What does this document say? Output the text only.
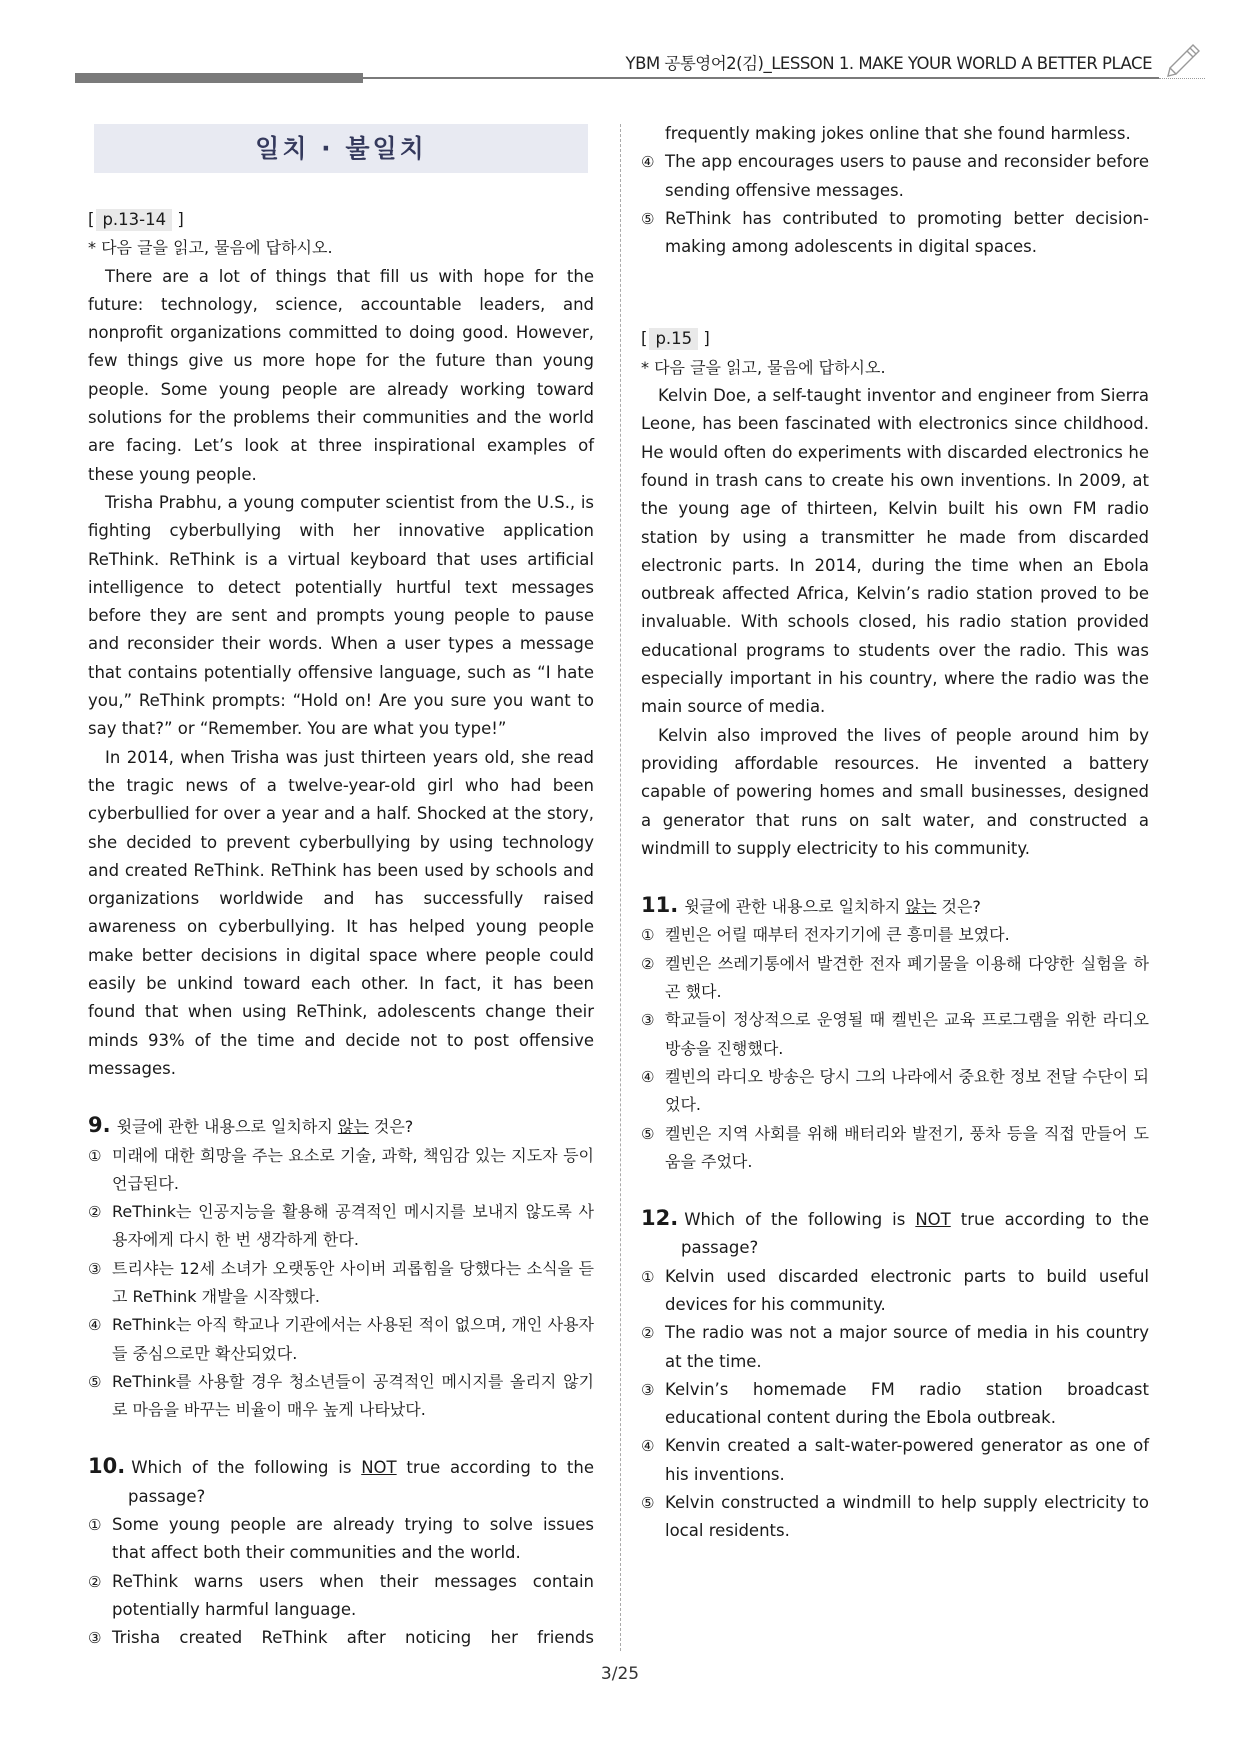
YBM 공통영어2(김)_LESSON 1. MAKE YOUR WORLD A BETTER PLACE
일치 · 불일치
[ p.13-14 ]

* 다음 글을 읽고, 물음에 답하시오.

There are a lot of things that fill us with hope for the future: technology, science, accountable leaders, and nonprofit organizations committed to doing good. However, few things give us more hope for the future than young people. Some young people are already working toward solutions for the problems their communities and the world are facing. Let’s look at three inspirational examples of these young people.

Trisha Prabhu, a young computer scientist from the U.S., is fighting cyberbullying with her innovative application ReThink. ReThink is a virtual keyboard that uses artificial intelligence to detect potentially hurtful text messages before they are sent and prompts young people to pause and reconsider their words. When a user types a message that contains potentially offensive language, such as “I hate you,” ReThink prompts: “Hold on! Are you sure you want to say that?” or “Remember. You are what you type!”

In 2014, when Trisha was just thirteen years old, she read the tragic news of a twelve-year-old girl who had been cyberbullied for over a year and a half. Shocked at the story, she decided to prevent cyberbullying by using technology and created ReThink. ReThink has been used by schools and organizations worldwide and has successfully raised awareness on cyberbullying. It has helped young people make better decisions in digital space where people could easily be unkind toward each other. In fact, it has been found that when using ReThink, adolescents change their minds 93% of the time and decide not to post offensive messages.

9. 윗글에 관한 내용으로 일치하지 않는 것은?

① 미래에 대한 희망을 주는 요소로 기술, 과학, 책임감 있는 지도자 등이 언급된다.

② ReThink는 인공지능을 활용해 공격적인 메시지를 보내지 않도록 사용자에게 다시 한 번 생각하게 한다.

③ 트리샤는 12세 소녀가 오랫동안 사이버 괴롭힘을 당했다는 소식을 듣고 ReThink 개발을 시작했다.

④ ReThink는 아직 학교나 기관에서는 사용된 적이 없으며, 개인 사용자들 중심으로만 확산되었다.

⑤ ReThink를 사용할 경우 청소년들이 공격적인 메시지를 올리지 않기로 마음을 바꾸는 비율이 매우 높게 나타났다.

10. Which of the following is NOT true according to the passage?

① Some young people are already trying to solve issues that affect both their communities and the world.

② ReThink warns users when their messages contain potentially harmful language.

③ Trisha created ReThink after noticing her friends

frequently making jokes online that she found harmless.

④ The app encourages users to pause and reconsider before sending offensive messages.

⑤ ReThink has contributed to promoting better decision-making among adolescents in digital spaces.

[ p.15 ]

* 다음 글을 읽고, 물음에 답하시오.

Kelvin Doe, a self-taught inventor and engineer from Sierra Leone, has been fascinated with electronics since childhood. He would often do experiments with discarded electronics he found in trash cans to create his own inventions. In 2009, at the young age of thirteen, Kelvin built his own FM radio station by using a transmitter he made from discarded electronic parts. In 2014, during the time when an Ebola outbreak affected Africa, Kelvin’s radio station proved to be invaluable. With schools closed, his radio station provided educational programs to students over the radio. This was especially important in his country, where the radio was the main source of media.

Kelvin also improved the lives of people around him by providing affordable resources. He invented a battery capable of powering homes and small businesses, designed a generator that runs on salt water, and constructed a windmill to supply electricity to his community.

11. 윗글에 관한 내용으로 일치하지 않는 것은?

① 켈빈은 어릴 때부터 전자기기에 큰 흥미를 보였다.

② 켈빈은 쓰레기통에서 발견한 전자 폐기물을 이용해 다양한 실험을 하곤 했다.

③ 학교들이 정상적으로 운영될 때 켈빈은 교육 프로그램을 위한 라디오 방송을 진행했다.

④ 켈빈의 라디오 방송은 당시 그의 나라에서 중요한 정보 전달 수단이 되었다.

⑤ 켈빈은 지역 사회를 위해 배터리와 발전기, 풍차 등을 직접 만들어 도움을 주었다.

12. Which of the following is NOT true according to the passage?

① Kelvin used discarded electronic parts to build useful devices for his community.

② The radio was not a major source of media in his country at the time.

③ Kelvin’s homemade FM radio station broadcast educational content during the Ebola outbreak.

④ Kenvin created a salt-water-powered generator as one of his inventions.

⑤ Kelvin constructed a windmill to help supply electricity to local residents.

3/25
